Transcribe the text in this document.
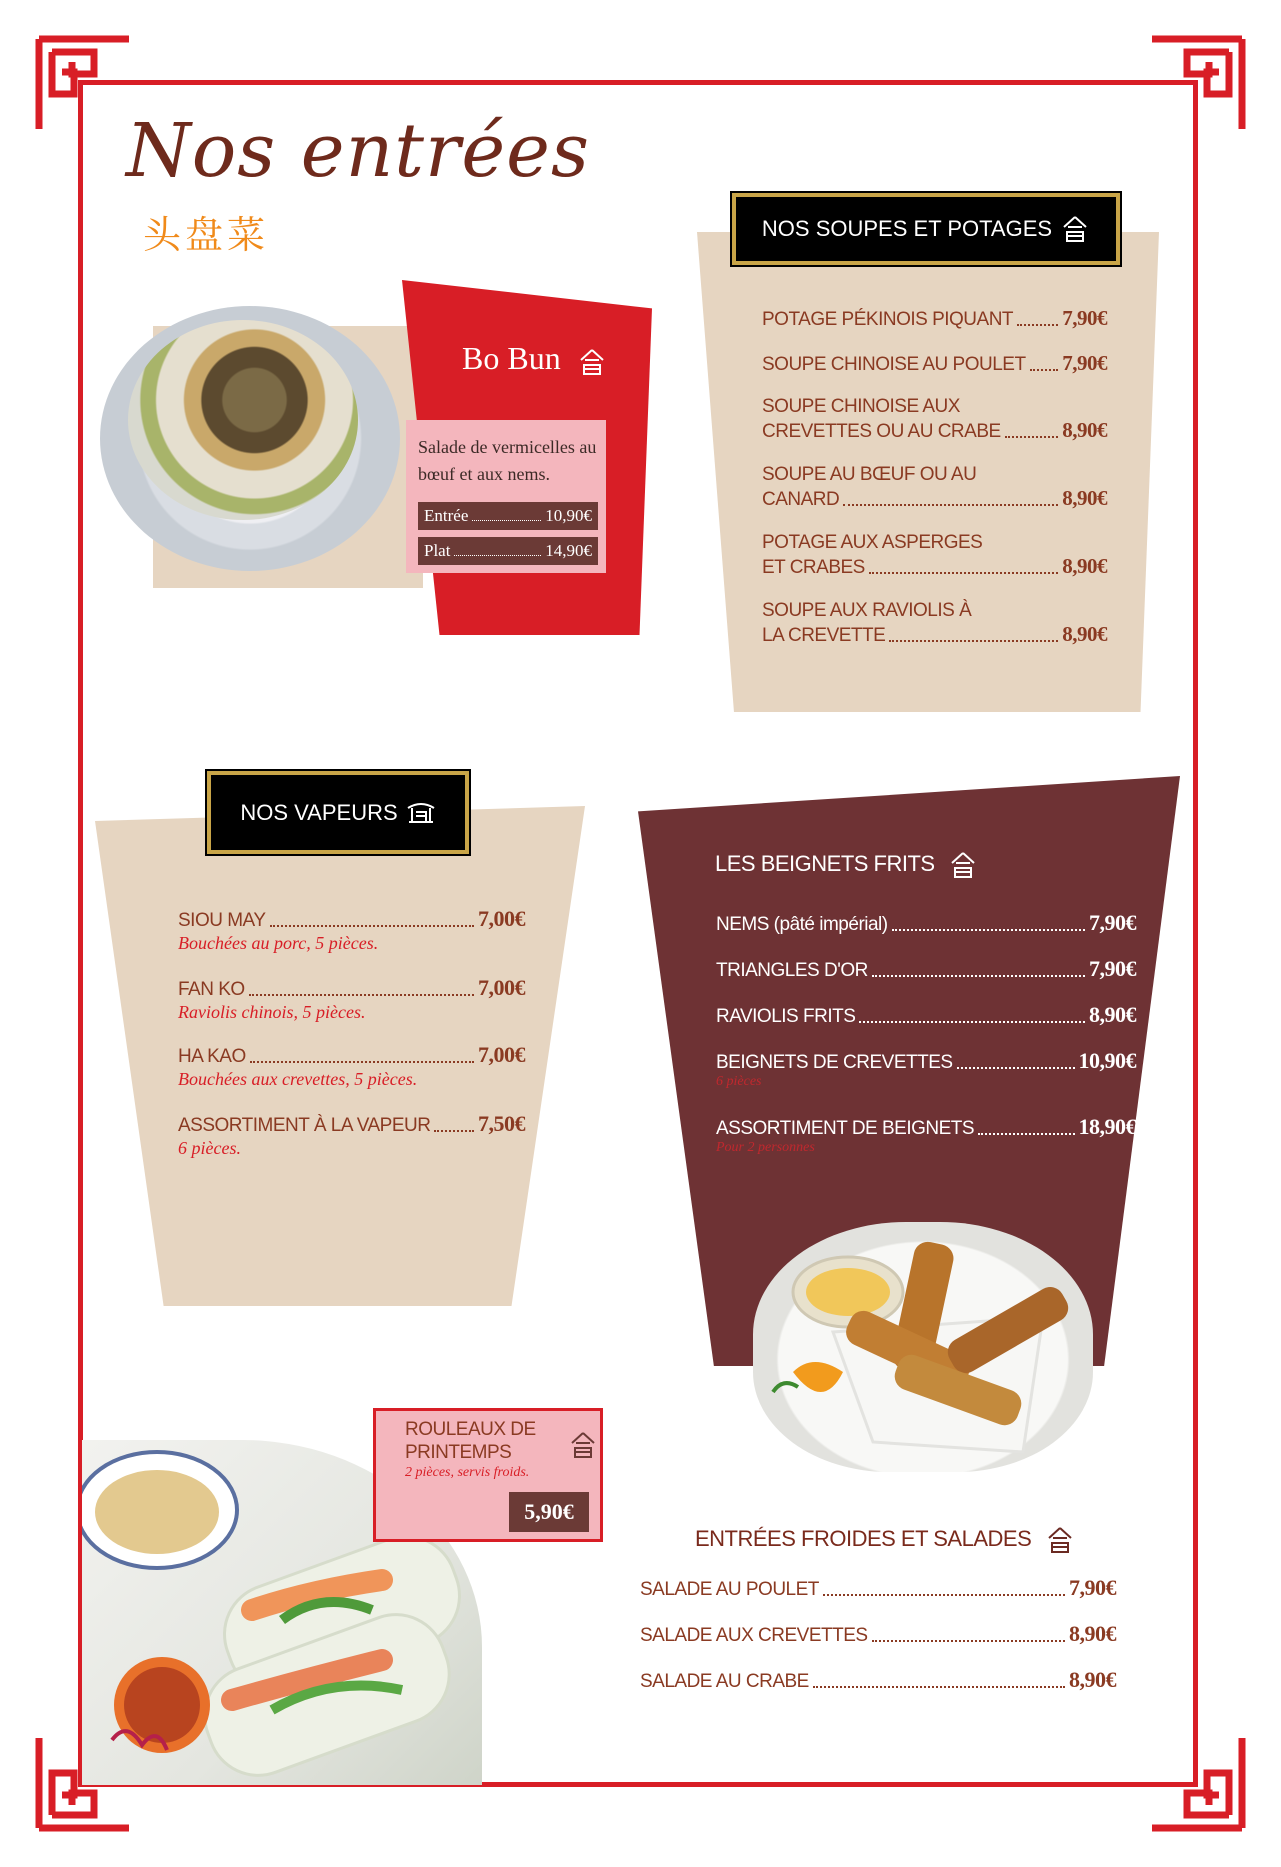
Nos entrées
头盘菜
Bo Bun
Salade de vermicelles au bœuf et aux nems.
Entrée	10,90€
Plat	14,90€
NOS SOUPES ET POTAGES
POTAGE PÉKINOIS PIQUANT 7,90€
SOUPE CHINOISE AU POULET 7,90€
SOUPE CHINOISE AUX
CREVETTES OU AU CRABE	8,90€
SOUPE AU BŒUF OU AU
CANARD	8,90€
POTAGE AUX ASPERGES
ET CRABES	8,90€
SOUPE AUX RAVIOLIS À
LA CREVETTE	8,90€
NOS VAPEURS
SIOU MAY	7,00€
Bouchées au porc, 5 pièces.
FAN KO	7,00€
Raviolis chinois, 5 pièces.
HA KAO	7,00€
Bouchées aux crevettes, 5 pièces.
ASSORTIMENT À LA VAPEUR 7,50€
6 pièces.
LES BEIGNETS FRITS
NEMS (pâté impérial)	7,90€
TRIANGLES D'OR	7,90€
RAVIOLIS FRITS	8,90€
BEIGNETS DE CREVETTES	10,90€
6 pièces
ASSORTIMENT DE BEIGNETS	18,90€
Pour 2 personnes
ROULEAUX DE PRINTEMPS
2 pièces, servis froids.
5,90€
ENTRÉES FROIDES ET SALADES
SALADE AU POULET	7,90€
SALADE AUX CREVETTES	8,90€
SALADE AU CRABE	8,90€
